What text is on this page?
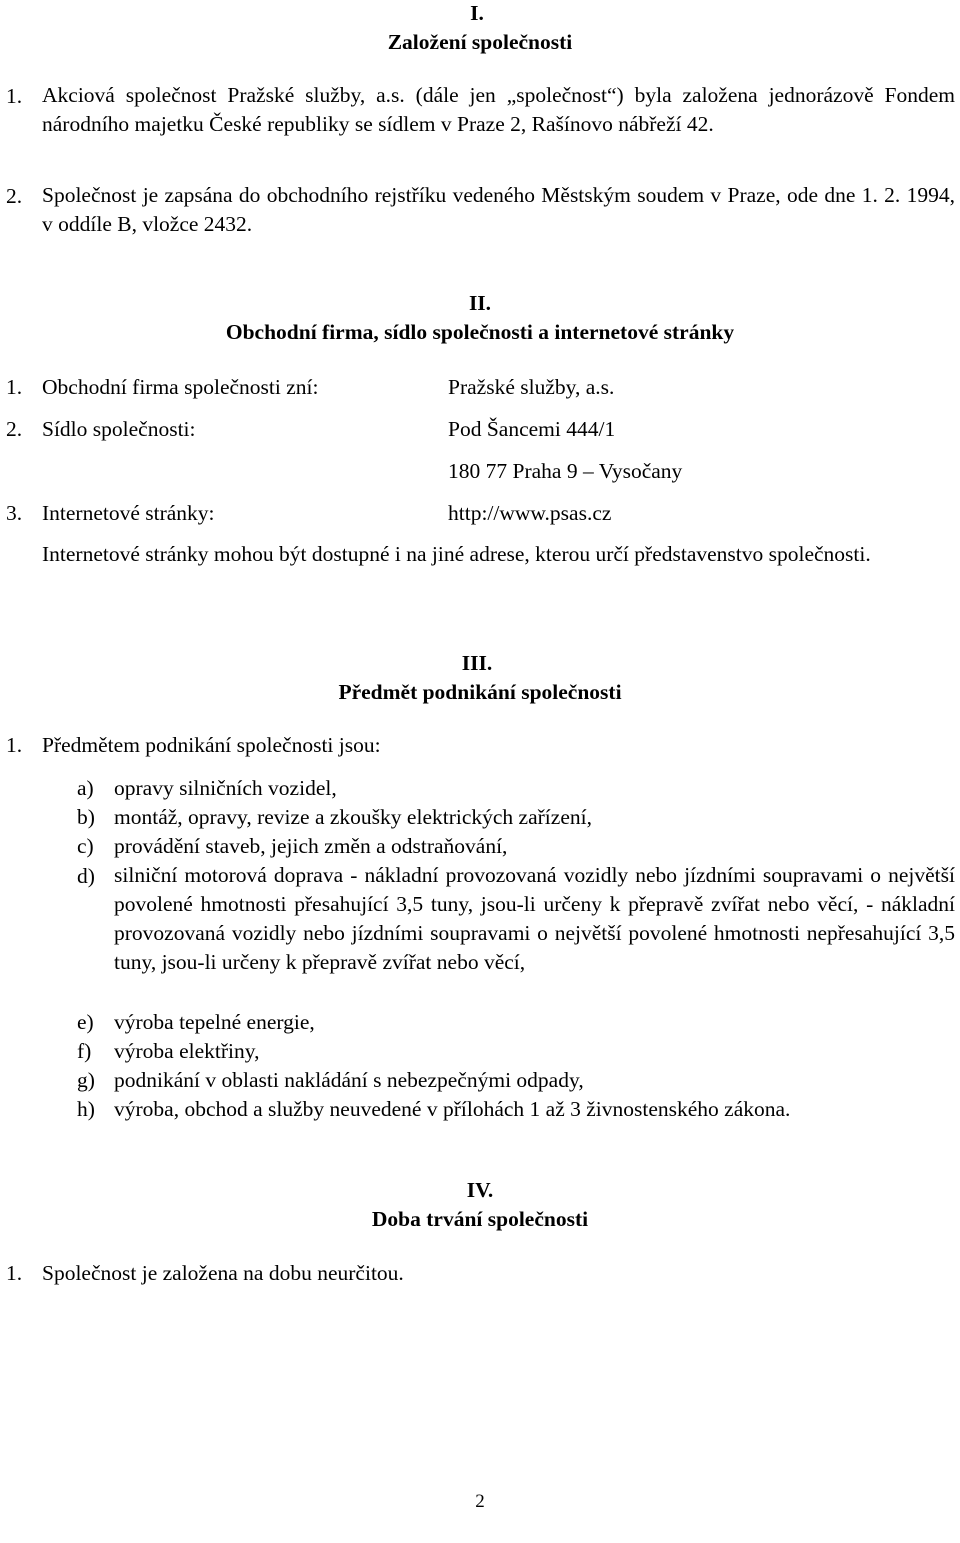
I.
Založení společnosti
1. Akciová společnost Pražské služby, a.s. (dále jen „společnost“) byla založena jednorázově Fondem národního majetku České republiky se sídlem v Praze 2, Rašínovo nábřeží 42.
2. Společnost je zapsána do obchodního rejstříku vedeného Městským soudem v Praze, ode dne 1. 2. 1994, v oddíle B, vložce 2432.
II.
Obchodní firma, sídlo společnosti a internetové stránky
1. Obchodní firma společnosti zní:	Pražské služby, a.s.
2. Sídlo společnosti:	Pod Šancemi 444/1
180 77 Praha 9 – Vysočany
3. Internetové stránky:	http://www.psas.cz
Internetové stránky mohou být dostupné i na jiné adrese, kterou určí představenstvo společnosti.
III.
Předmět podnikání společnosti
1. Předmětem podnikání společnosti jsou:
a) opravy silničních vozidel,
b) montáž, opravy, revize a zkoušky elektrických zařízení,
c) provádění staveb, jejich změn a odstraňování,
d) silniční motorová doprava - nákladní provozovaná vozidly nebo jízdními soupravami o největší povolené hmotnosti přesahující 3,5 tuny, jsou-li určeny k přepravě zvířat nebo věcí, - nákladní provozovaná vozidly nebo jízdními soupravami o největší povolené hmotnosti nepřesahující 3,5 tuny, jsou-li určeny k přepravě zvířat nebo věcí,
e) výroba tepelné energie,
f) výroba elektřiny,
g) podnikání v oblasti nakládání s nebezpečnými odpady,
h) výroba, obchod a služby neuvedené v přílohách 1 až 3 živnostenského zákona.
IV.
Doba trvání společnosti
1. Společnost je založena na dobu neurčitou.
2
